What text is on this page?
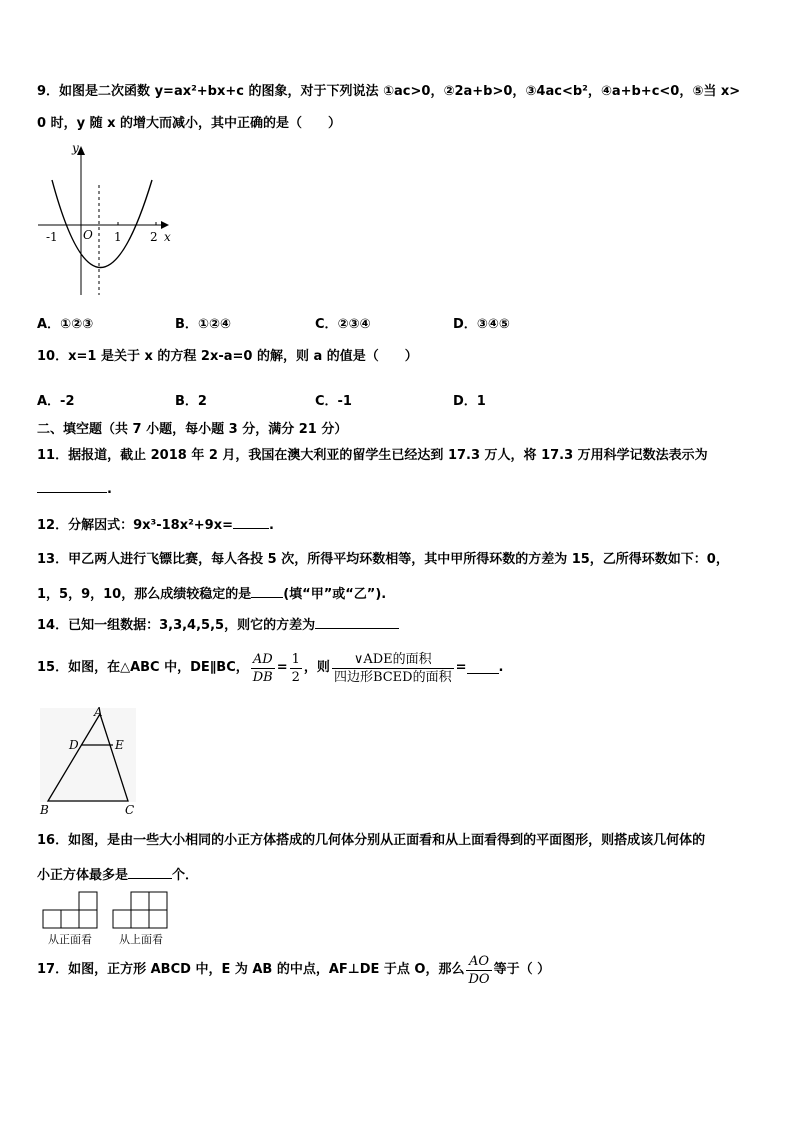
9．如图是二次函数 y=ax²+bx+c 的图象，对于下列说法 ①ac>0，②2a+b>0，③4ac<b²，④a+b+c<0，⑤当 x>
0 时，y 随 x 的增大而减小，其中正确的是（　　）
y
x
O
-1	1 2
A．①②③	B．①②④	C．②③④	D．③④⑤
10．x=1 是关于 x 的方程 2x-a=0 的解，则 a 的值是（　　）
A．-2	B．2	C．-1	D．1
二、填空题（共 7 小题，每小题 3 分，满分 21 分）
11．据报道，截止 2018 年 2 月，我国在澳大利亚的留学生已经达到 17.3 万人，将 17.3 万用科学记数法表示为
.
12．分解因式：9x³-18x²+9x=	.
13．甲乙两人进行飞镖比赛，每人各投 5 次，所得平均环数相等，其中甲所得环数的方差为 15，乙所得环数如下：0，
1，5，9，10，那么成绩较稳定的是 (填“甲”或“乙”).
14．已知一组数据：3,3,4,5,5，则它的方差为
15．如图，在△ABC 中，DE∥BC， $\frac{AD}{DB} = \frac{1}{2}$ ，则 $\frac{\text{∨ADE的面积}}{\text{四边形BCED的面积}}$ = .
A
D	E
B	C
16．如图，是由一些大小相同的小正方体搭成的几何体分别从正面看和从上面看得到的平面图形，则搭成该几何体的
小正方体最多是	个．
从正面看 从上面看
17．如图，正方形 ABCD 中，E 为 AB 的中点，AF⊥DE 于点 O，那么 $\frac{AO}{DO}$ 等于（ ）
